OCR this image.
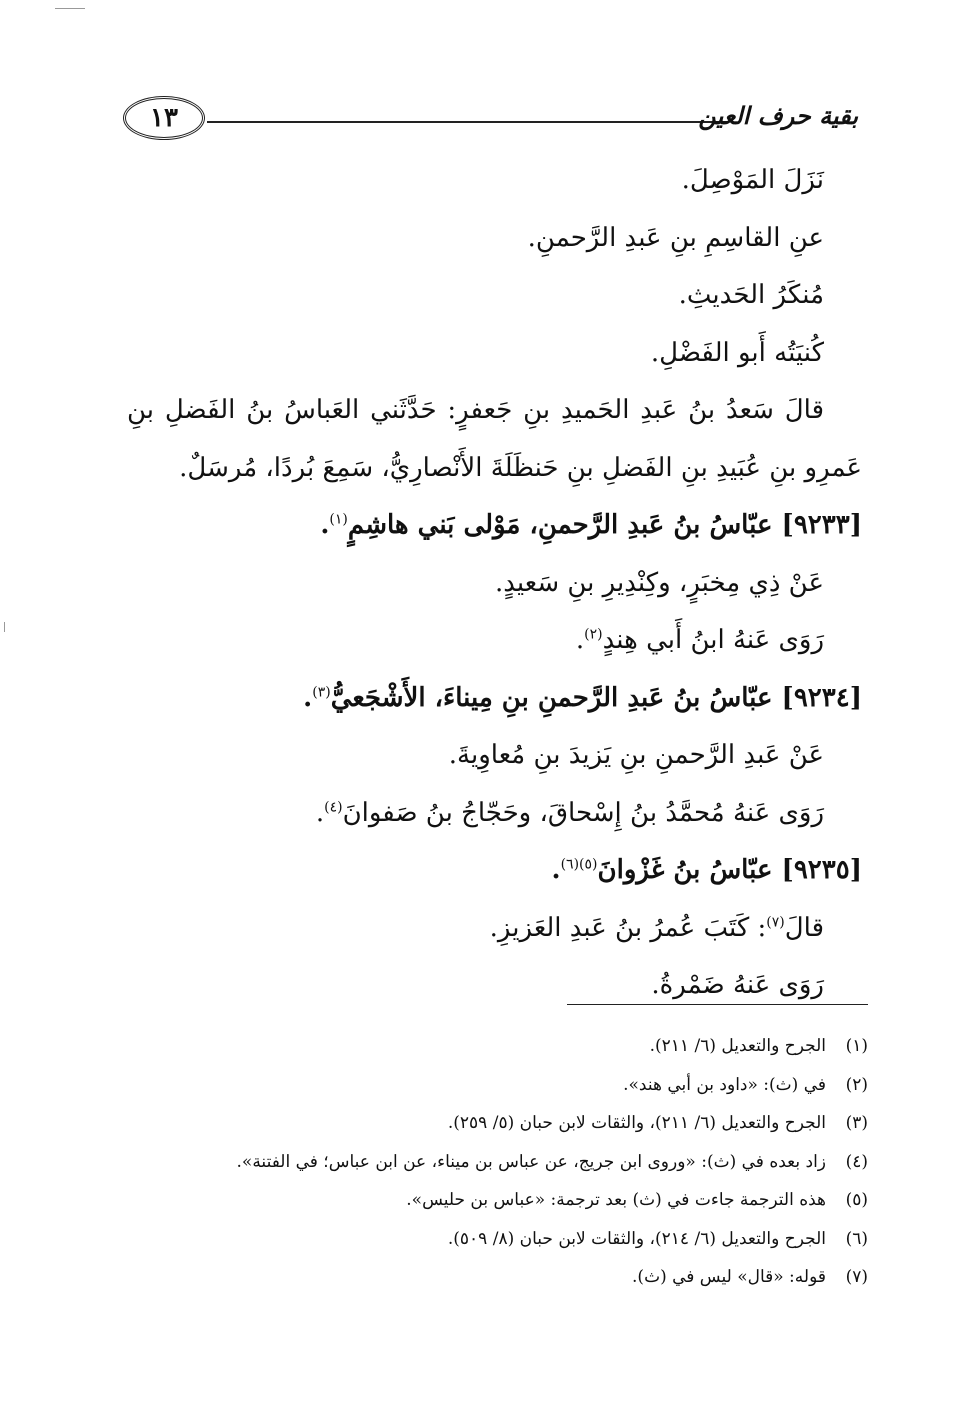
١٣	بقية حرف العين
نَزَلَ المَوْصِلَ.
عنِ القاسِمِ بنِ عَبدِ الرَّحمنِ.
مُنكَرُ الحَديثِ.
كُنيَتُه أَبو الفَضْلِ.
قالَ سَعدُ بنُ عَبدِ الحَميدِ بنِ جَعفرٍ: حَدَّثَني العَباسُ بنُ الفَضلِ بنِ
عَمرِو بنِ عُبَيدِ بنِ الفَضلِ بنِ حَنظَلَةَ الأَنْصارِيُّ، سَمِعَ بُردًا، مُرسَلٌ.
[٩٢٣٣] عبّاسُ بنُ عَبدِ الرَّحمنِ، مَوْلى بَني هاشِمٍ$^{(١)}$.
عَنْ ذِي مِخبَرٍ، وكِنْدِيرِ بنِ سَعيدٍ.
رَوَى عَنهُ ابنُ أَبي هِندٍ$^{(٢)}$.
[٩٢٣٤] عبّاسُ بنُ عَبدِ الرَّحمنِ بنِ مِيناءَ، الأَشْجَعيُّ$^{(٣)}$.
عَنْ عَبدِ الرَّحمنِ بنِ يَزيدَ بنِ مُعاوِيةَ.
رَوَى عَنهُ مُحمَّدُ بنُ إِسْحاقَ، وحَجّاجُ بنُ صَفوانَ$^{(٤)}$.
[٩٢٣٥] عبّاسُ بنُ غَزْوانَ$^{(٥)(٦)}$.
قالَ$^{(٧)}$: كَتَبَ عُمرُ بنُ عَبدِ العَزيزِ.
رَوَى عَنهُ ضَمْرةُ.
(١)
الجرح والتعديل (٦/ ٢١١).
(٢)
في (ث): «داود بن أبي هند».
(٣)
الجرح والتعديل (٦/ ٢١١)، والثقات لابن حبان (٥/ ٢٥٩).
(٤)
زاد بعده في (ث): «وروى ابن جريج، عن عباس بن ميناء، عن ابن عباس؛ في الفتنة».
(٥)
هذه الترجمة جاءت في (ث) بعد ترجمة: «عباس بن حليس».
(٦)
الجرح والتعديل (٦/ ٢١٤)، والثقات لابن حبان (٨/ ٥٠٩).
(٧)
قوله: «قال» ليس في (ث).
